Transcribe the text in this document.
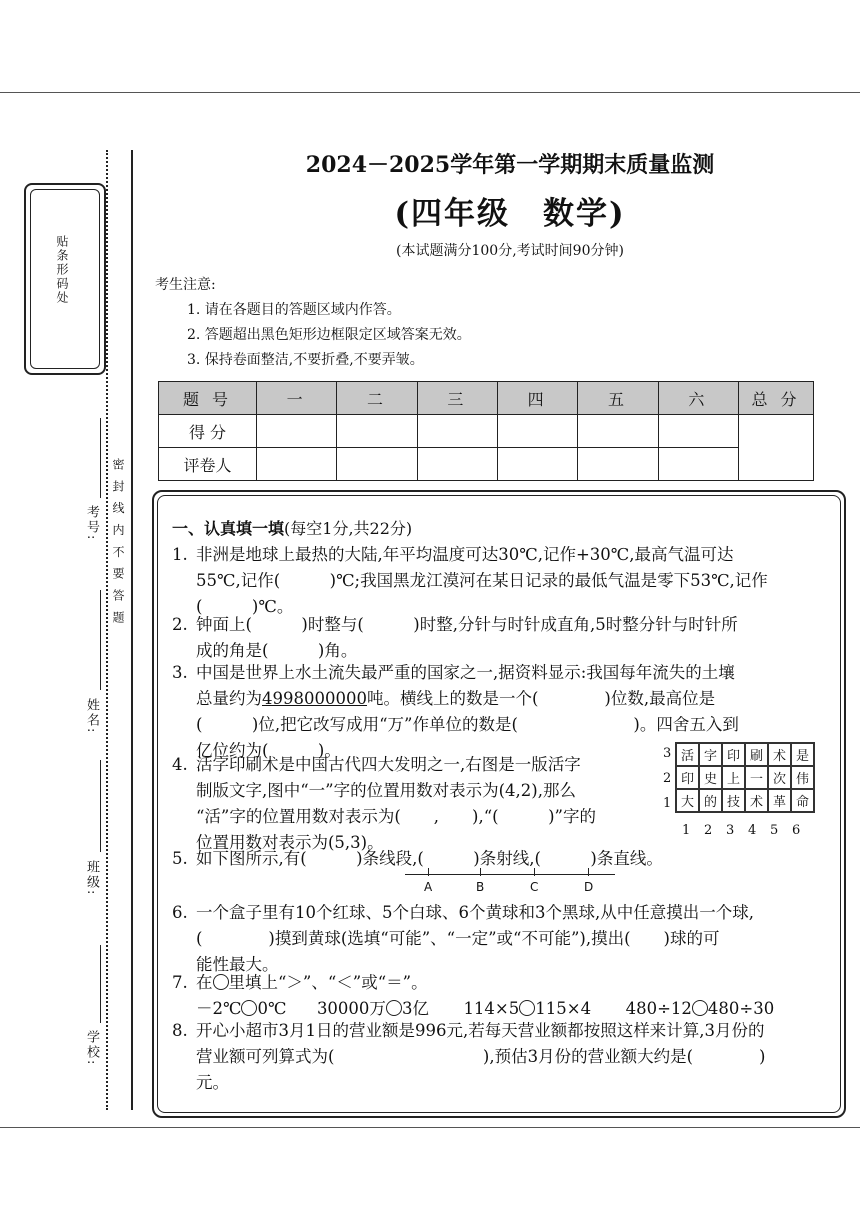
贴条形码处
密 封 线 内 不 要 答 题
考号:
姓名:
班级:
学校:
2024－2025学年第一学期期末质量监测
(四年级　数学)
(本试题满分100分,考试时间90分钟)
考生注意:
1. 请在各题目的答题区域内作答。
2. 答题超出黑色矩形边框限定区域答案无效。
3. 保持卷面整洁,不要折叠,不要弄皱。
题 号	一	二	三	四	五	六	总 分
得 分							
评卷人							
一、认真填一填(每空1分,共22分)
1. 非洲是地球上最热的大陆,年平均温度可达30℃,记作+30℃,最高气温可达
55℃,记作(　　　)℃;我国黑龙江漠河在某日记录的最低气温是零下53℃,记作
(　　　)℃。
2. 钟面上(　　　)时整与(　　　)时整,分针与时针成直角,5时整分针与时针所
成的角是(　　　)角。
3. 中国是世界上水土流失最严重的国家之一,据资料显示:我国每年流失的土壤
总量约为4998000000吨。横线上的数是一个(　　　　)位数,最高位是
(　　　)位,把它改写成用“万”作单位的数是(　　　　　　　)。四舍五入到
亿位约为(　　　)。
4. 活字印刷术是中国古代四大发明之一,右图是一版活字
制版文字,图中“一”字的位置用数对表示为(4,2),那么
“活”字的位置用数对表示为(　　,　　),“(　　　)”字的
位置用数对表示为(5,3)。
3
2
1
活	字	印	刷	术	是
印	史	上	一	次	伟
大	的	技	术	革	命
1 2 3 4 5 6
5. 如下图所示,有(　　　)条线段,(　　　)条射线,(　　　)条直线。
A	B	C	D
6. 一个盒子里有10个红球、5个白球、6个黄球和3个黑球,从中任意摸出一个球,
(　　　　)摸到黄球(选填“可能”、“一定”或“不可能”),摸出(　　)球的可
能性最大。
7. 在 里填上“＞”、“＜”或“＝”。
－2℃ 0℃ 30000万 3亿 114×5 115×4 480÷12 480÷30
8. 开心小超市3月1日的营业额是996元,若每天营业额都按照这样来计算,3月份的
营业额可列算式为(　　　　　　　　　),预估3月份的营业额大约是(　　　　)
元。
